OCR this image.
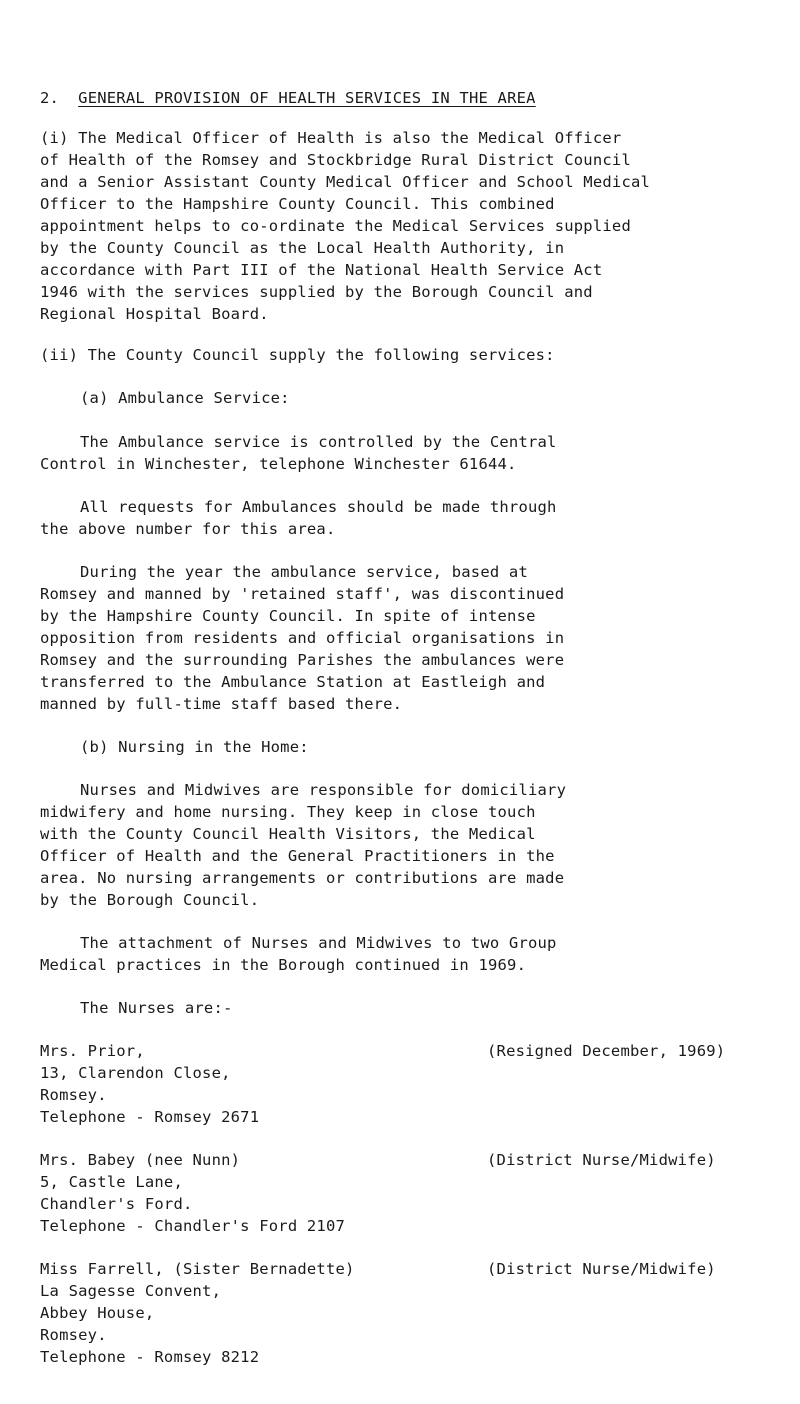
2. GENERAL PROVISION OF HEALTH SERVICES IN THE AREA
(i) The Medical Officer of Health is also the Medical Officer
of Health of the Romsey and Stockbridge Rural District Council
and a Senior Assistant County Medical Officer and School Medical
Officer to the Hampshire County Council. This combined
appointment helps to co-ordinate the Medical Services supplied
by the County Council as the Local Health Authority, in
accordance with Part III of the National Health Service Act
1946 with the services supplied by the Borough Council and
Regional Hospital Board.
(ii) The County Council supply the following services:
(a) Ambulance Service:
The Ambulance service is controlled by the Central
Control in Winchester, telephone Winchester 61644.
All requests for Ambulances should be made through
the above number for this area.
During the year the ambulance service, based at
Romsey and manned by 'retained staff', was discontinued
by the Hampshire County Council. In spite of intense
opposition from residents and official organisations in
Romsey and the surrounding Parishes the ambulances were
transferred to the Ambulance Station at Eastleigh and
manned by full-time staff based there.
(b) Nursing in the Home:
Nurses and Midwives are responsible for domiciliary
midwifery and home nursing. They keep in close touch
with the County Council Health Visitors, the Medical
Officer of Health and the General Practitioners in the
area. No nursing arrangements or contributions are made
by the Borough Council.
The attachment of Nurses and Midwives to two Group
Medical practices in the Borough continued in 1969.
The Nurses are:-
Mrs. Prior,	(Resigned December, 1969)
13, Clarendon Close,
Romsey.
Telephone - Romsey 2671
Mrs. Babey (nee Nunn)	(District Nurse/Midwife)
5, Castle Lane,
Chandler's Ford.
Telephone - Chandler's Ford 2107
Miss Farrell, (Sister Bernadette)	(District Nurse/Midwife)
La Sagesse Convent,
Abbey House,
Romsey.
Telephone - Romsey 8212
